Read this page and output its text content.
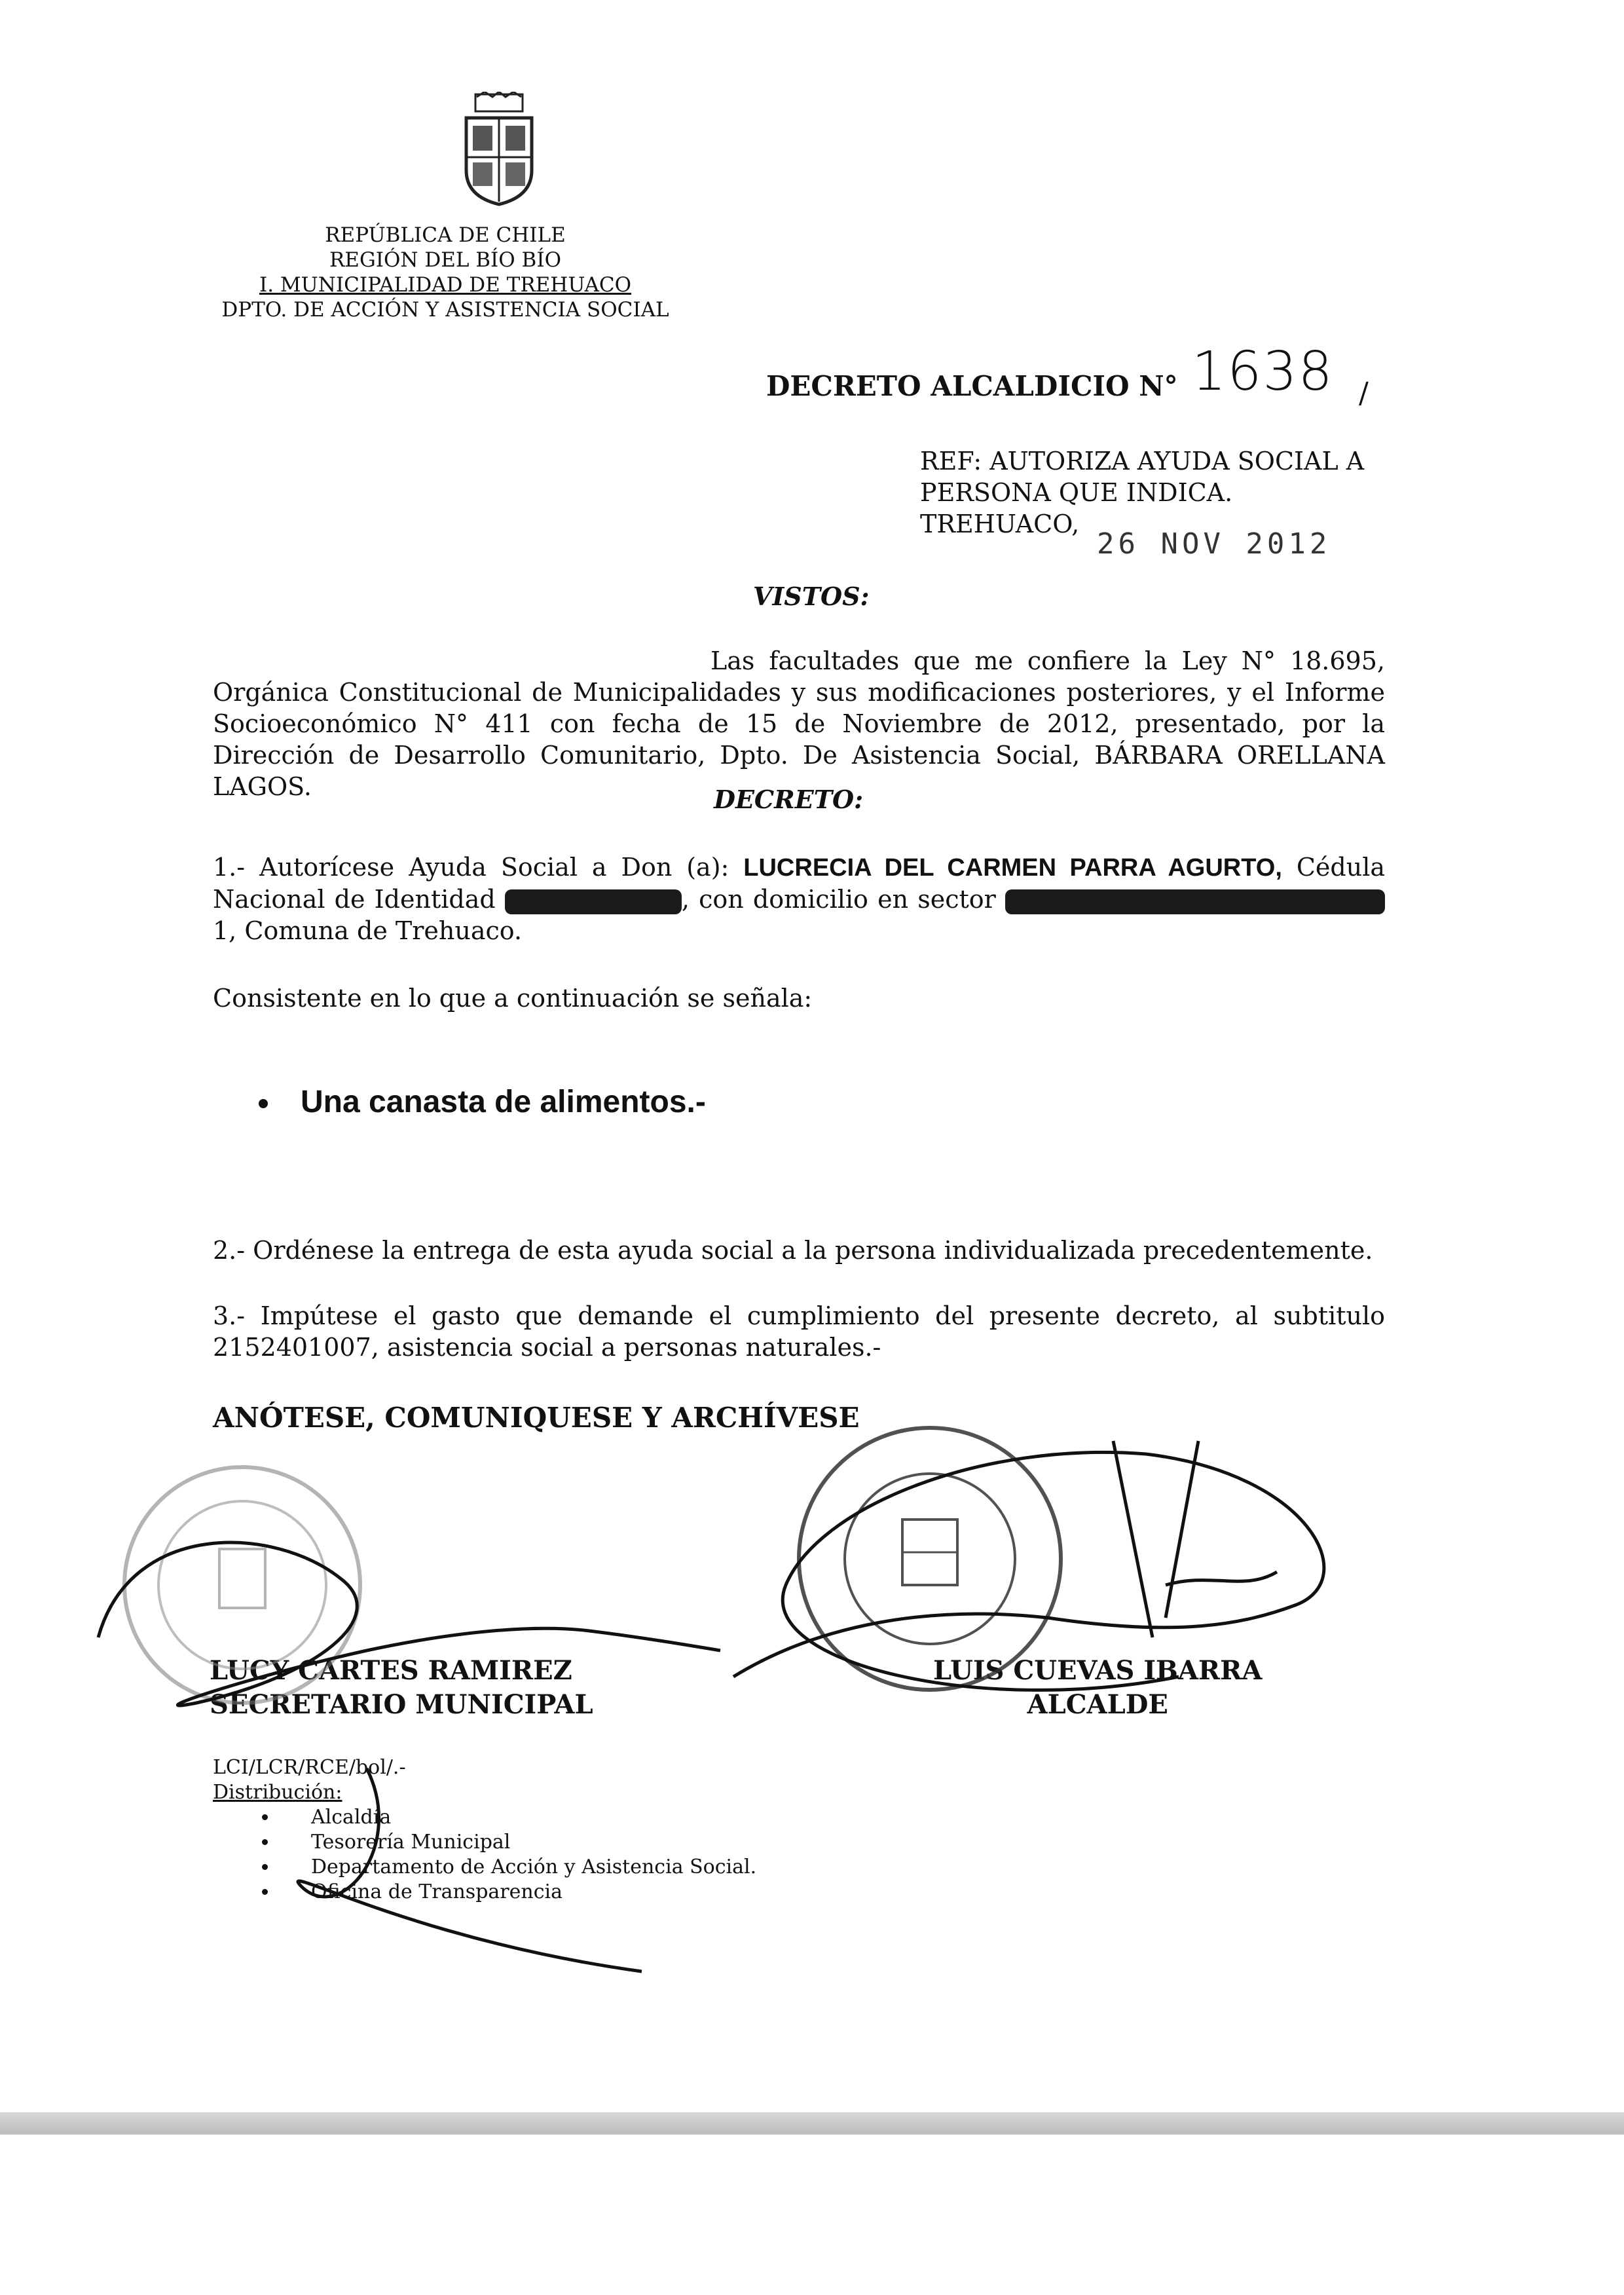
REPÚBLICA DE CHILE
REGIÓN DEL BÍO BÍO
I. MUNICIPALIDAD DE TREHUACO
DPTO. DE ACCIÓN Y ASISTENCIA SOCIAL
DECRETO ALCALDICIO N° 1638 /
REF: AUTORIZA AYUDA SOCIAL A
PERSONA QUE INDICA.
TREHUACO,
26 NOV 2012
VISTOS:
Las facultades que me confiere la Ley N° 18.695, Orgánica Constitucional de Municipalidades y sus modificaciones posteriores, y el Informe Socioeconómico N° 411 con fecha de 15 de Noviembre de 2012, presentado, por la Dirección de Desarrollo Comunitario, Dpto. De Asistencia Social, BÁRBARA ORELLANA LAGOS.	DECRETO:
1.- Autorícese Ayuda Social a Don (a): LUCRECIA DEL CARMEN PARRA AGURTO, Cédula Nacional de Identidad	, con domicilio en sector 1, Comuna de Trehuaco.
Consistente en lo que a continuación se señala:
Una canasta de alimentos.-
2.- Ordénese la entrega de esta ayuda social a la persona individualizada precedentemente.
3.- Impútese el gasto que demande el cumplimiento del presente decreto, al subtitulo 2152401007, asistencia social a personas naturales.-
ANÓTESE, COMUNIQUESE Y ARCHÍVESE
LUCY CARTES RAMIREZ
SECRETARIO MUNICIPAL
LUIS CUEVAS IBARRA
ALCALDE
LCI/LCR/RCE/bol/.-
Distribución:
Alcaldía
Tesorería Municipal
Departamento de Acción y Asistencia Social.
Oficina de Transparencia
